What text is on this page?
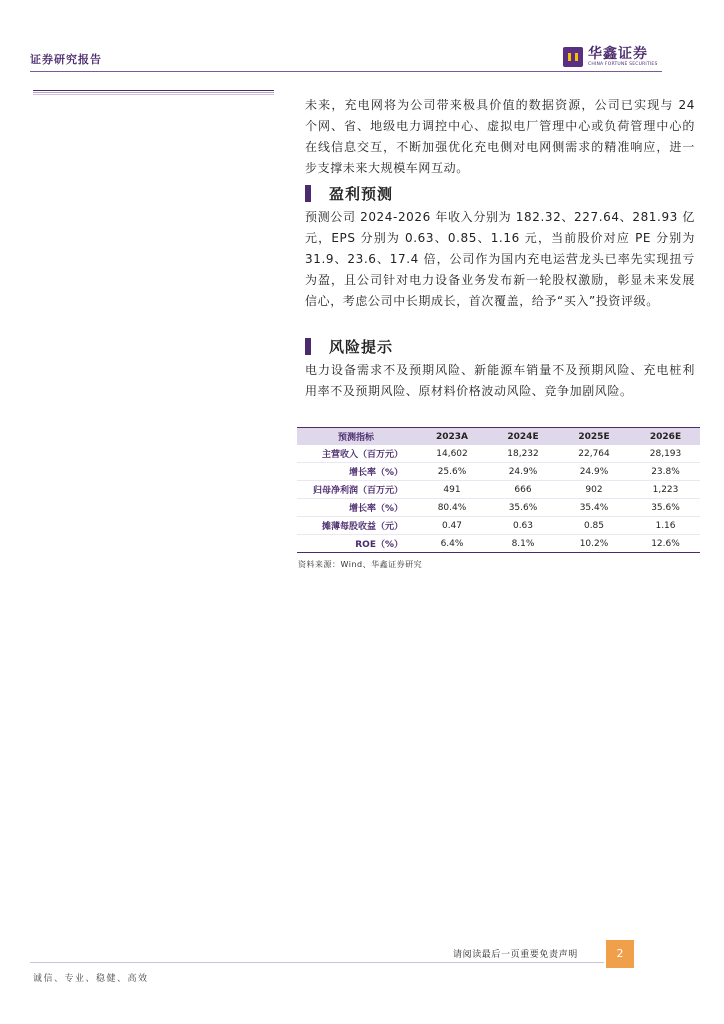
证券研究报告	华鑫证券
CHINA FORTUNE SECURITIES

未来，充电网将为公司带来极具价值的数据资源，公司已实现与 24 个网、省、地级电力调控中心、虚拟电厂管理中心或负荷管理中心的在线信息交互，不断加强优化充电侧对电网侧需求的精准响应，进一步支撑未来大规模车网互动。

盈利预测

预测公司 2024-2026 年收入分别为 182.32、227.64、281.93 亿元，EPS 分别为 0.63、0.85、1.16 元，当前股价对应 PE 分别为 31.9、23.6、17.4 倍，公司作为国内充电运营龙头已率先实现扭亏为盈，且公司针对电力设备业务发布新一轮股权激励，彰显未来发展信心，考虑公司中长期成长，首次覆盖，给予“买入”投资评级。

风险提示

电力设备需求不及预期风险、新能源车销量不及预期风险、充电桩利用率不及预期风险、原材料价格波动风险、竞争加剧风险。

预测指标	2023A	2024E	2025E	2026E
主营收入（百万元）	14,602	18,232	22,764	28,193
增长率（%）	25.6%	24.9%	24.9%	23.8%
归母净利润（百万元）	491	666	902	1,223
增长率（%）	80.4%	35.6%	35.4%	35.6%
摊薄每股收益（元）	0.47	0.63	0.85	1.16
ROE（%）	6.4%	8.1%	10.2%	12.6%
资料来源：Wind、华鑫证券研究
请阅读最后一页重要免责声明	2
诚信、专业、稳健、高效
